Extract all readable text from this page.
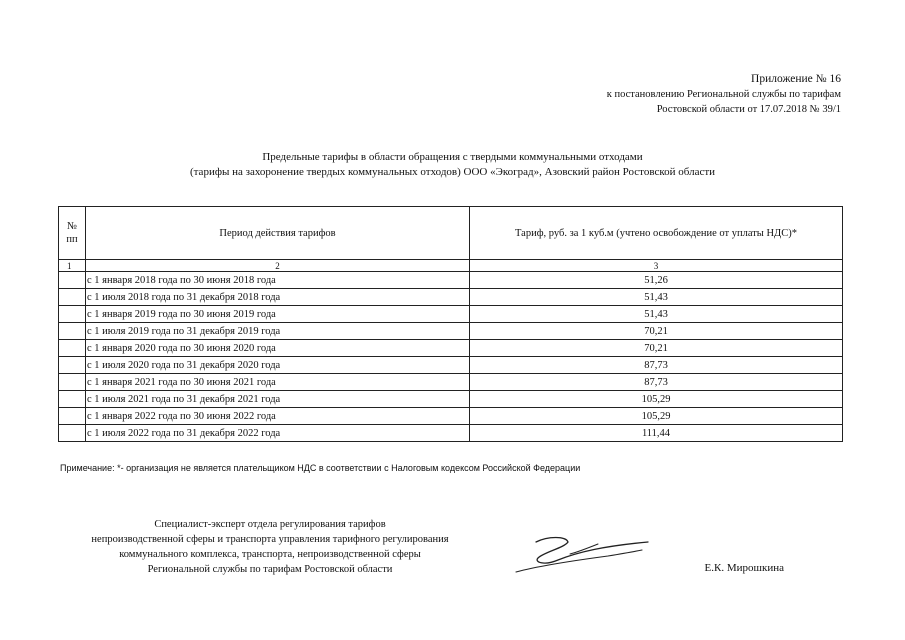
Приложение № 16
к постановлению Региональной службы по тарифам
Ростовской области от 17.07.2018 № 39/1
Предельные тарифы в области обращения с твердыми коммунальными отходами
(тарифы на захоронение твердых коммунальных отходов) ООО «Экоград», Азовский район Ростовской области
№
пп	Период действия тарифов	Тариф, руб. за 1 куб.м (учтено освобождение от уплаты НДС)*
1	2	3
	с 1 января 2018 года по 30 июня 2018 года	51,26
	с 1 июля 2018 года по 31 декабря 2018 года	51,43
	с 1 января 2019 года по 30 июня 2019 года	51,43
	с 1 июля 2019 года по 31 декабря 2019 года	70,21
	с 1 января 2020 года по 30 июня 2020 года	70,21
	с 1 июля 2020 года по 31 декабря 2020 года	87,73
	с 1 января 2021 года по 30 июня 2021 года	87,73
	с 1 июля 2021 года по 31 декабря 2021 года	105,29
	с 1 января 2022 года по 30 июня 2022 года	105,29
	с 1 июля 2022 года по 31 декабря 2022 года	111,44
Примечание: *- организация не является плательщиком НДС в соответствии с Налоговым кодексом Российской Федерации
Специалист-эксперт отдела регулирования тарифов
непроизводственной сферы и транспорта управления тарифного регулирования
коммунального комплекса, транспорта, непроизводственной сферы
Региональной службы по тарифам Ростовской области	Е.К. Мирошкина
